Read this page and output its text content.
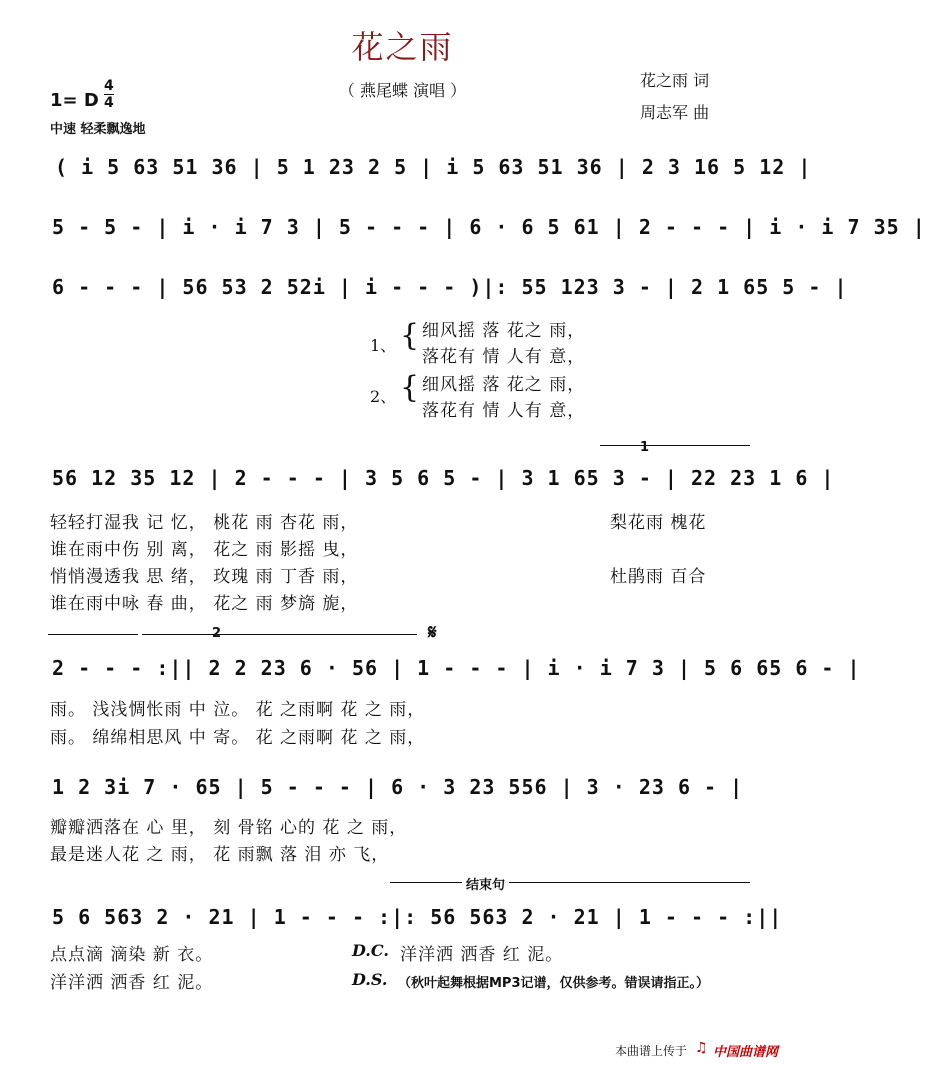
花之雨
（ 燕尾蝶 演唱 ）
花之雨 词
周志军 曲
1= D $\frac{4}{4}$
中速 轻柔飘逸地
( i 5 63 51 36 | 5 1 23 2 5 | i 5 63 51 36 | 2 3 16 5 12 |
5 - 5 - | i · i 7 3 | 5 - - - | 6 · 6 5 61 | 2 - - - | i · i 7 35 |
6 - - - | 56 53 2 52i | i - - - )|: 55 123 3 - | 2 1 65 5 - |
1、 { 细风摇 落 花之 雨，
落花有 情 人有 意，
2、 { 细风摇 落 花之 雨，
落花有 情 人有 意，
1
56 12 35 12 | 2 - - - | 3 5 6 5 - | 3 1 65 3 - | 22 23 1 6 |
轻轻打湿我 记 忆， 桃花 雨 杏花 雨，	梨花雨 槐花
谁在雨中伤 别 离， 花之 雨 影摇 曳，
悄悄漫透我 思 绪， 玫瑰 雨 丁香 雨，	杜鹃雨 百合
谁在雨中咏 春 曲， 花之 雨 梦旖 旎，
2	𝄋
2 - - - :|| 2 2 23 6 · 56 | 1 - - - | i · i 7 3 | 5 6 65 6 - |
雨。 浅浅惆怅雨 中 泣。 花 之雨啊 花 之 雨，
雨。 绵绵相思风 中 寄。 花 之雨啊 花 之 雨，
1 2 3i 7 · 65 | 5 - - - | 6 · 3 23 556 | 3 · 23 6 - |
瓣瓣洒落在 心 里， 刻 骨铭 心的 花 之 雨，
最是迷人花 之 雨， 花 雨飘 落 泪 亦 飞，
结束句
5 6 563 2 · 21 | 1 - - - :|: 56 563 2 · 21 | 1 - - - :||
点点滴 滴染 新 衣。	D.C. 洋洋洒 洒香 红 泥。
洋洋洒 洒香 红 泥。	D.S. （秋叶起舞根据MP3记谱，仅供参考。错误请指正。）
本曲谱上传于 ♫ 中国曲谱网
